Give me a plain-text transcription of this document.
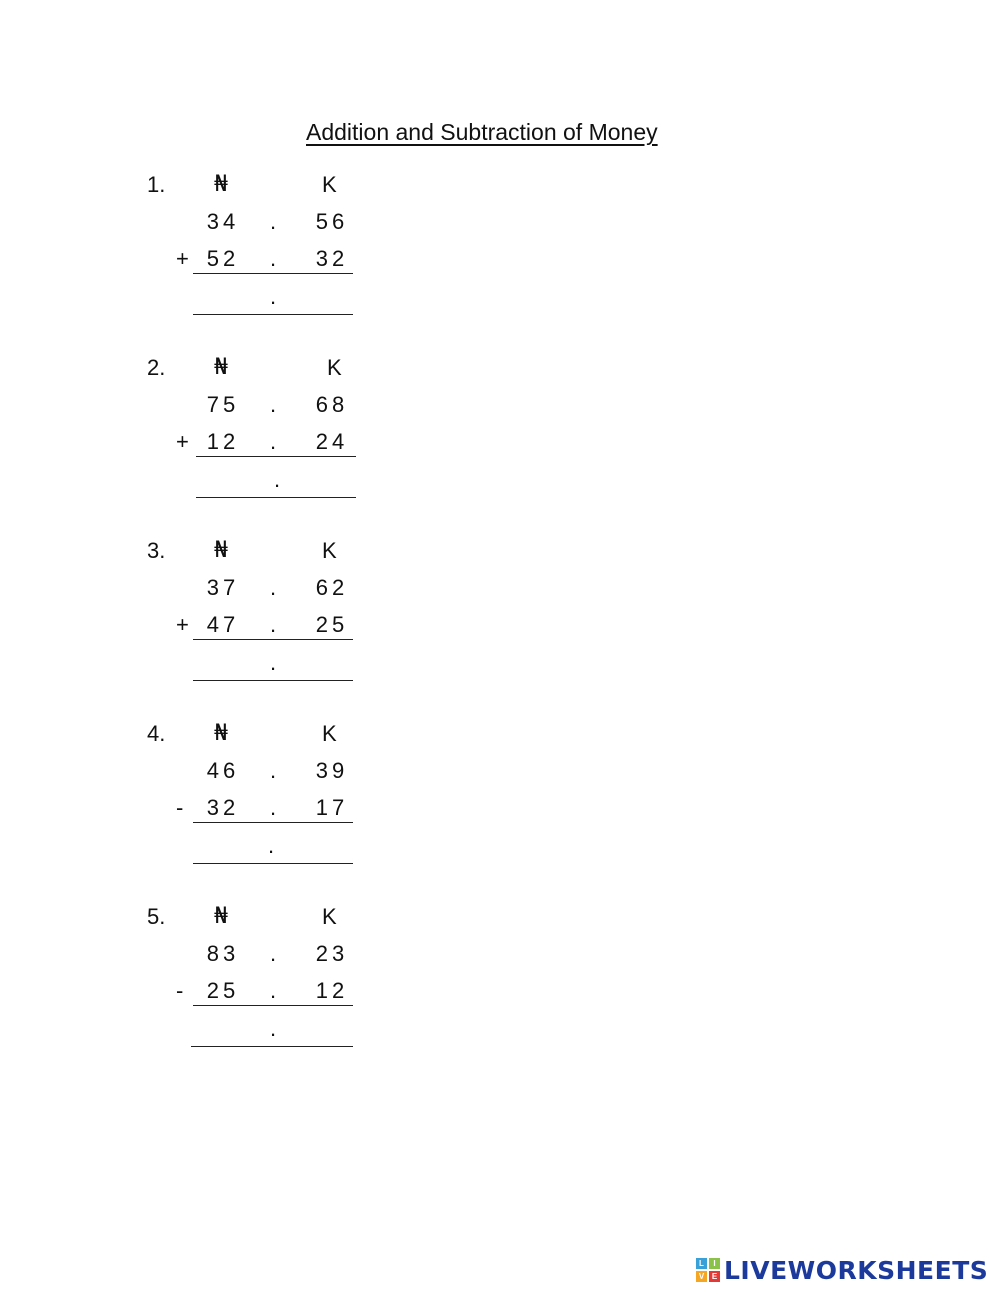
Addition and Subtraction of Money
1. ₦	K
34 . 56
+ 52 . 32
.
2. ₦	K
75 . 68
+ 12 . 24
.
3. ₦	K
37 . 62
+ 47 . 25
.
4. ₦	K
46 . 39
- 32 . 17
.
5. ₦	K
83 . 23
- 25 . 12
.
L	I
V E LIVEWORKSHEETS
